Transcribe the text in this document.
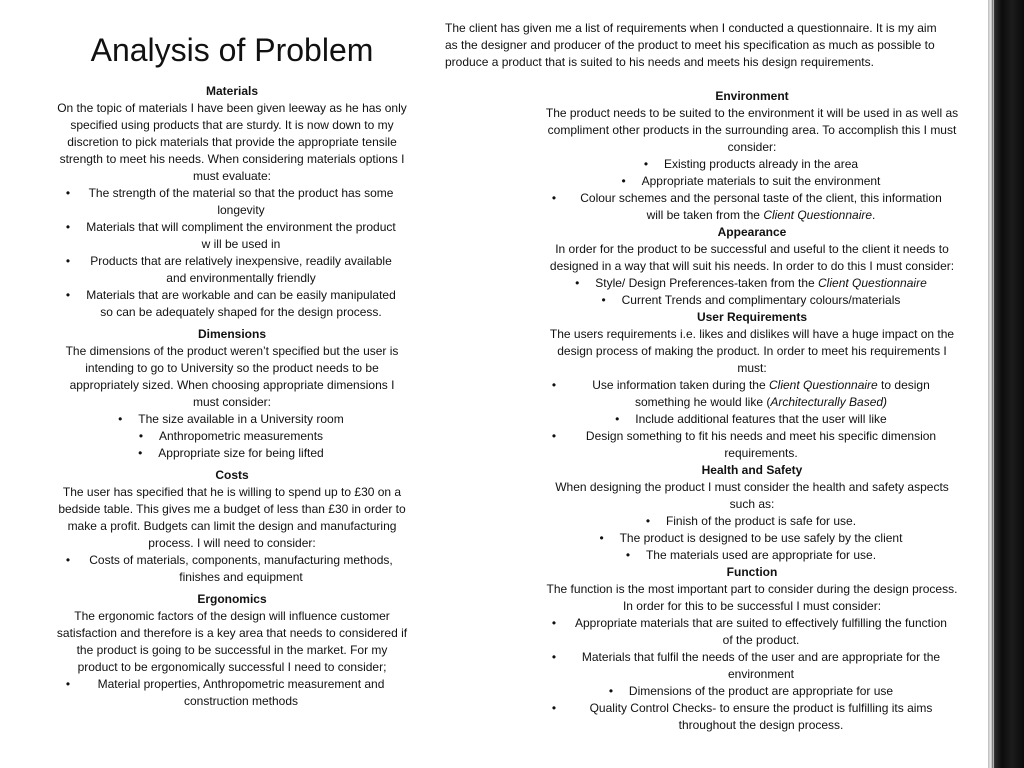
Analysis of Problem

The client has given me a list of requirements when I conducted a questionnaire. It is my aim as the designer and producer of the product to meet his specification as much as possible to produce a product that is suited to his needs and meets his design requirements.

Materials

On the topic of materials I have been given leeway as he has only specified using products that are sturdy. It is now down to my discretion to pick materials that provide the appropriate tensile strength to meet his needs. When considering materials options I must evaluate:

•	The strength of the material so that the product has some longevity
•	Materials that will compliment the environment the product w ill be used in
•	Products that are relatively inexpensive, readily available and environmentally friendly
•	Materials that are workable and can be easily manipulated so can be adequately shaped for the design process.
Dimensions

The dimensions of the product weren’t specified but the user is intending to go to University so the product needs to be appropriately sized. When choosing appropriate dimensions I must consider:

•	The size available in a University room
•	Anthropometric measurements
•	Appropriate size for being lifted
Costs

The user has specified that he is willing to spend up to £30 on a bedside table. This gives me a budget of less than £30 in order to make a profit. Budgets can limit the design and manufacturing process. I will need to consider:

•	Costs of materials, components, manufacturing methods, finishes and equipment
Ergonomics

The ergonomic factors of the design will influence customer satisfaction and therefore is a key area that needs to considered if the product is going to be successful in the market. For my product to be ergonomically successful I need to consider;

•	Material properties, Anthropometric measurement and construction methods
Environment

The product needs to be suited to the environment it will be used in as well as compliment other products in the surrounding area. To accomplish this I must consider:

•	Existing products already in the area
•	Appropriate materials to suit the environment
•	Colour schemes and the personal taste of the client, this information will be taken from the Client Questionnaire.
Appearance

In order for the product to be successful and useful to the client it needs to designed in a way that will suit his needs. In order to do this I must consider:

•	Style/ Design Preferences-taken from the Client Questionnaire
•	Current Trends and complimentary colours/materials
User Requirements

The users requirements i.e. likes and dislikes will have a huge impact on the design process of making the product. In order to meet his requirements I must:

•	Use information taken during the Client Questionnaire to design something he would like (Architecturally Based)
•	Include additional features that the user will like
•	Design something to fit his needs and meet his specific dimension requirements.
Health and Safety

When designing the product I must consider the health and safety aspects such as:

•	Finish of the product is safe for use.
•	The product is designed to be use safely by the client
•	The materials used are appropriate for use.
Function

The function is the most important part to consider during the design process. In order for this to be successful I must consider:

•	Appropriate materials that are suited to effectively fulfilling the function of the product.
•	Materials that fulfil the needs of the user and are appropriate for the environment
•	Dimensions of the product are appropriate for use
•	Quality Control Checks- to ensure the product is fulfilling its aims throughout the design process.
